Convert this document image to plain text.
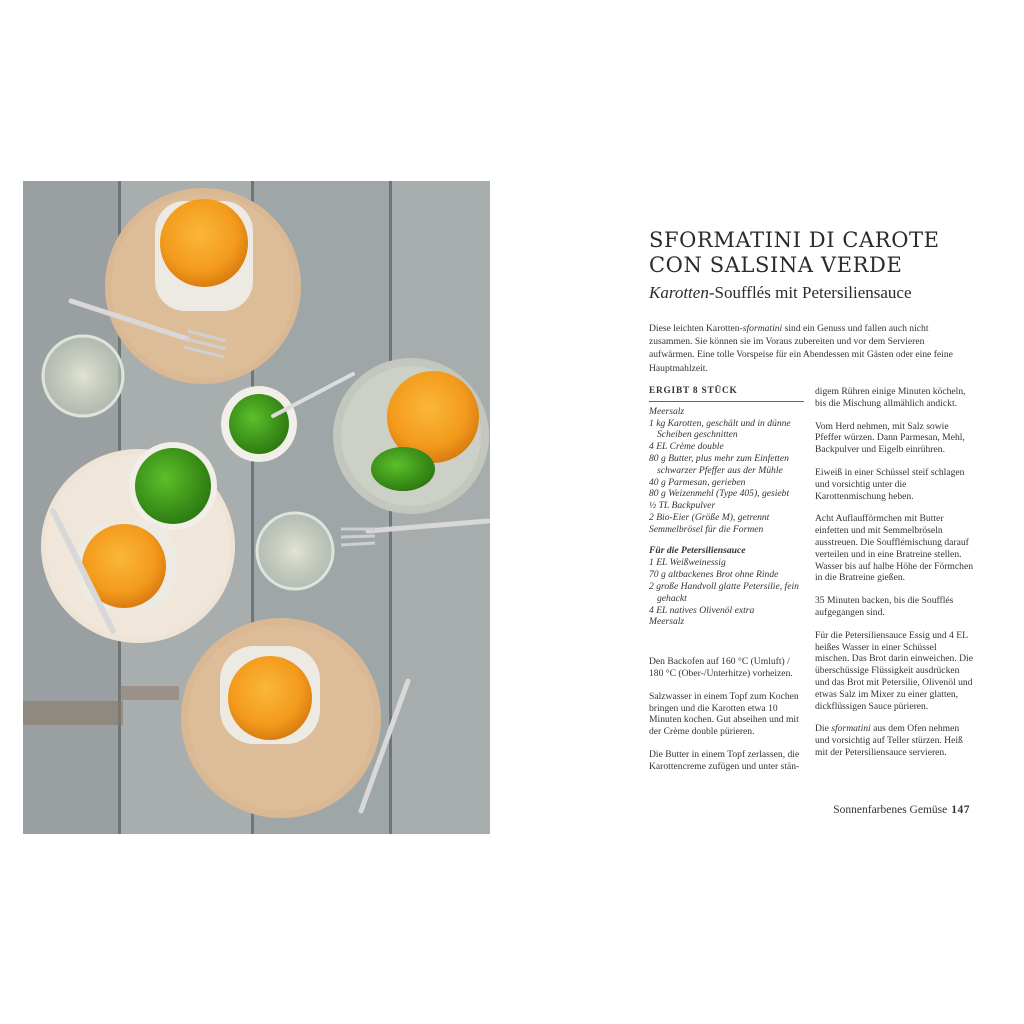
SFORMATINI DI CAROTE
CON SALSINA VERDE
Karotten-Soufflés mit Petersiliensauce

Diese leichten Karotten-sformatini sind ein Genuss und fallen auch nicht zusammen. Sie können sie im Voraus zubereiten und vor dem Servieren aufwärmen. Eine tolle Vorspeise für ein Abendessen mit Gästen oder eine feine Hauptmahlzeit.

ERGIBT 8 STÜCK
Meersalz
1 kg Karotten, geschält und in dünne Scheiben geschnitten
4 EL Crème double
80 g Butter, plus mehr zum Einfetten schwarzer Pfeffer aus der Mühle
40 g Parmesan, gerieben
80 g Weizenmehl (Type 405), gesiebt
½ TL Backpulver
2 Bio-Eier (Größe M), getrennt
Semmelbrösel für die Formen
Für die Petersiliensauce
1 EL Weißweinessig
70 g altbackenes Brot ohne Rinde
2 große Handvoll glatte Petersilie, fein gehackt
4 EL natives Olivenöl extra
Meersalz

Den Backofen auf 160 °C (Umluft) / 180 °C (Ober-/Unterhitze) vorheizen.

Salzwasser in einem Topf zum Kochen bringen und die Karotten etwa 10 Minuten kochen. Gut abseihen und mit der Crème double pürieren.

Die Butter in einem Topf zerlassen, die Karottencreme zufügen und unter stän-

digem Rühren einige Minuten köcheln, bis die Mischung allmählich andickt.

Vom Herd nehmen, mit Salz sowie Pfeffer würzen. Dann Parmesan, Mehl, Backpulver und Eigelb einrühren.

Eiweiß in einer Schüssel steif schlagen und vorsichtig unter die Karottenmischung heben.

Acht Auflaufförmchen mit Butter einfetten und mit Semmelbröseln ausstreuen. Die Soufflémischung darauf verteilen und in eine Bratreine stellen. Wasser bis auf halbe Höhe der Förmchen in die Bratreine gießen.

35 Minuten backen, bis die Soufflés aufgegangen sind.

Für die Petersiliensauce Essig und 4 EL heißes Wasser in einer Schüssel mischen. Das Brot darin einweichen. Die überschüssige Flüssigkeit ausdrücken und das Brot mit Petersilie, Olivenöl und etwas Salz im Mixer zu einer glatten, dickflüssigen Sauce pürieren.

Die sformatini aus dem Ofen nehmen und vorsichtig auf Teller stürzen. Heiß mit der Petersiliensauce servieren.

Sonnenfarbenes Gemüse 147
